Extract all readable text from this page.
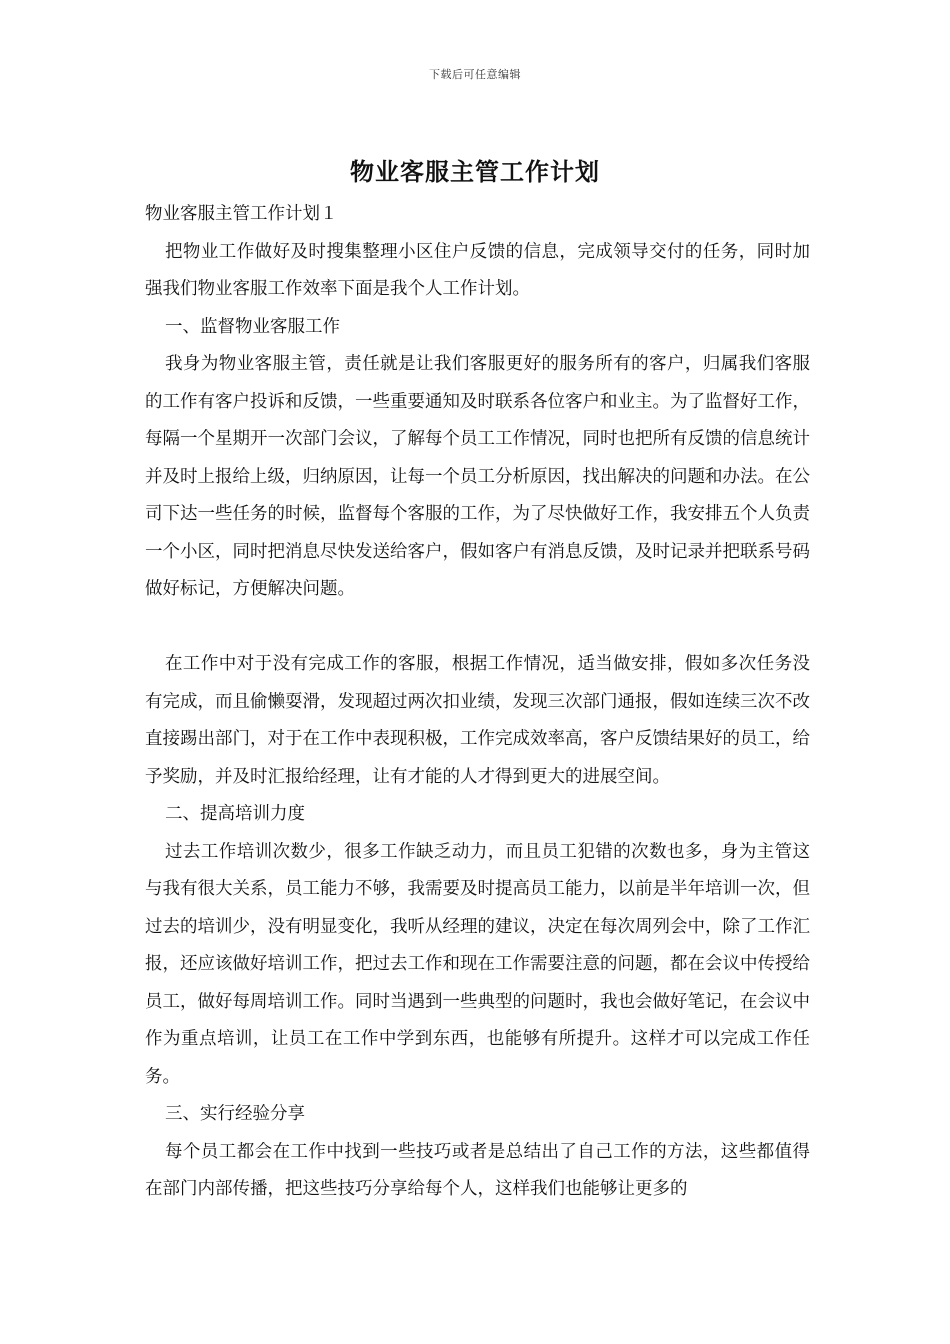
下载后可任意编辑
物业客服主管工作计划

物业客服主管工作计划１

把物业工作做好及时搜集整理小区住户反馈的信息，完成领导交付的任务，同时加强我们物业客服工作效率下面是我个人工作计划。

一、监督物业客服工作

我身为物业客服主管，责任就是让我们客服更好的服务所有的客户，归属我们客服的工作有客户投诉和反馈，一些重要通知及时联系各位客户和业主。为了监督好工作，每隔一个星期开一次部门会议，了解每个员工工作情况，同时也把所有反馈的信息统计并及时上报给上级，归纳原因，让每一个员工分析原因，找出解决的问题和办法。在公司下达一些任务的时候，监督每个客服的工作，为了尽快做好工作，我安排五个人负责一个小区，同时把消息尽快发送给客户，假如客户有消息反馈，及时记录并把联系号码做好标记，方便解决问题。

在工作中对于没有完成工作的客服，根据工作情况，适当做安排，假如多次任务没有完成，而且偷懒耍滑，发现超过两次扣业绩，发现三次部门通报，假如连续三次不改直接踢出部门，对于在工作中表现积极，工作完成效率高，客户反馈结果好的员工，给予奖励，并及时汇报给经理，让有才能的人才得到更大的进展空间。

二、提高培训力度

过去工作培训次数少，很多工作缺乏动力，而且员工犯错的次数也多，身为主管这与我有很大关系，员工能力不够，我需要及时提高员工能力，以前是半年培训一次，但过去的培训少，没有明显变化，我听从经理的建议，决定在每次周列会中，除了工作汇报，还应该做好培训工作，把过去工作和现在工作需要注意的问题，都在会议中传授给员工，做好每周培训工作。同时当遇到一些典型的问题时，我也会做好笔记，在会议中作为重点培训，让员工在工作中学到东西，也能够有所提升。这样才可以完成工作任务。

三、实行经验分享

每个员工都会在工作中找到一些技巧或者是总结出了自己工作的方法，这些都值得在部门内部传播，把这些技巧分享给每个人，这样我们也能够让更多的
